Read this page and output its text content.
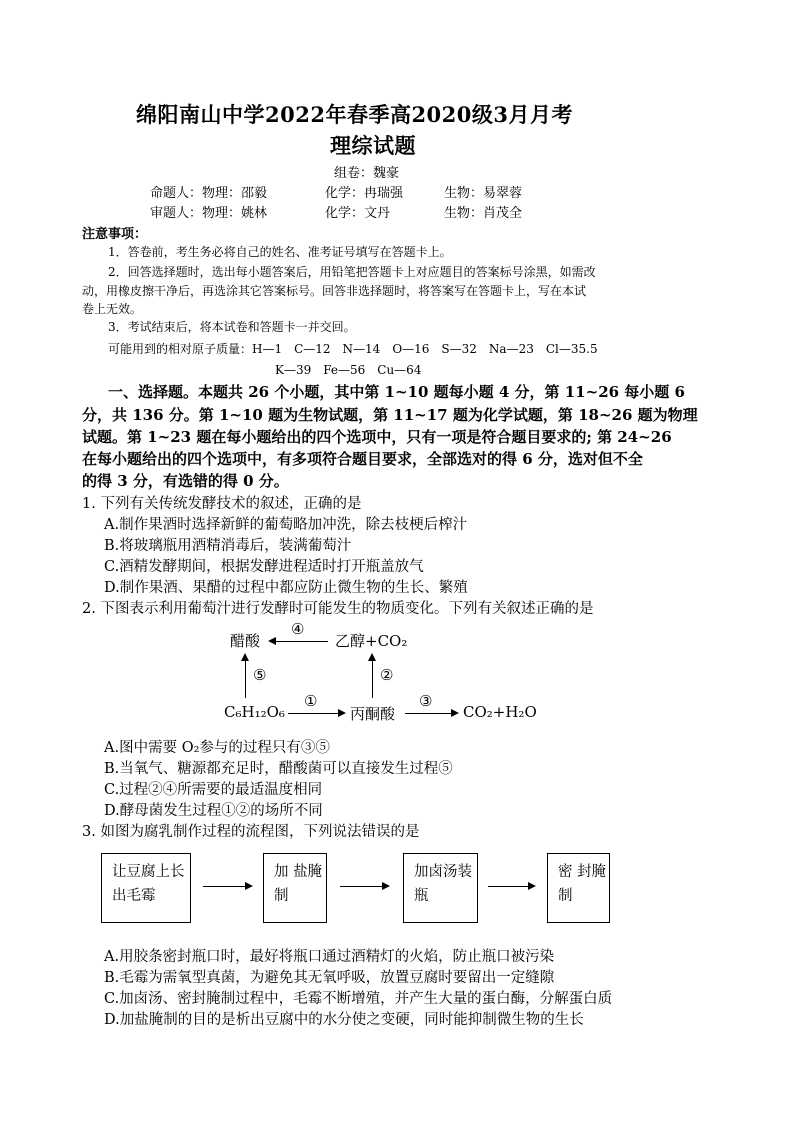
绵阳南山中学2022年春季高2020级3月月考
理综试题
组卷：魏豪
命题人：物理：邵毅	化学：冉瑞强	生物：易翠蓉
审题人：物理：姚林	化学：文丹	生物：肖茂全
注意事项：
1．答卷前，考生务必将自己的姓名、准考证号填写在答题卡上。
2．回答选择题时，选出每小题答案后，用铅笔把答题卡上对应题目的答案标号涂黑，如需改
动，用橡皮擦干净后，再选涂其它答案标号。回答非选择题时，将答案写在答题卡上，写在本试
卷上无效。
3．考试结束后，将本试卷和答题卡一并交回。
可能用到的相对原子质量：H—1　C—12　N—14　O—16　S—32　Na—23　Cl—35.5
K—39　Fe—56　Cu—64
一、选择题。本题共 26 个小题，其中第 1~10 题每小题 4 分，第 11~26 每小题 6
分，共 136 分。第 1~10 题为生物试题，第 11~17 题为化学试题，第 18~26 题为物理
试题。第 1~23 题在每小题给出的四个选项中，只有一项是符合题目要求的; 第 24~26
在每小题给出的四个选项中，有多项符合题目要求，全部选对的得 6 分，选对但不全
的得 3 分，有选错的得 0 分。
1. 下列有关传统发酵技术的叙述，正确的是
A.制作果酒时选择新鲜的葡萄略加冲洗，除去枝梗后榨汁
B.将玻璃瓶用酒精消毒后，装满葡萄汁
C.酒精发酵期间，根据发酵进程适时打开瓶盖放气
D.制作果酒、果醋的过程中都应防止微生物的生长、繁殖
2. 下图表示利用葡萄汁进行发酵时可能发生的物质变化。下列有关叙述正确的是
醋酸	乙醇+CO₂
C₆H₁₂O₆	丙酮酸	CO₂+H₂O
④
⑤
①
②
③
A.图中需要 O₂参与的过程只有③⑤
B.当氧气、糖源都充足时，醋酸菌可以直接发生过程⑤
C.过程②④所需要的最适温度相同
D.酵母菌发生过程①②的场所不同
3. 如图为腐乳制作过程的流程图，下列说法错误的是
让豆腐上长出毛霉
加 盐腌制
加卤汤装瓶
密 封腌制
A.用胶条密封瓶口时，最好将瓶口通过酒精灯的火焰，防止瓶口被污染
B.毛霉为需氧型真菌，为避免其无氧呼吸，放置豆腐时要留出一定缝隙
C.加卤汤、密封腌制过程中，毛霉不断增殖，并产生大量的蛋白酶，分解蛋白质
D.加盐腌制的目的是析出豆腐中的水分使之变硬，同时能抑制微生物的生长
